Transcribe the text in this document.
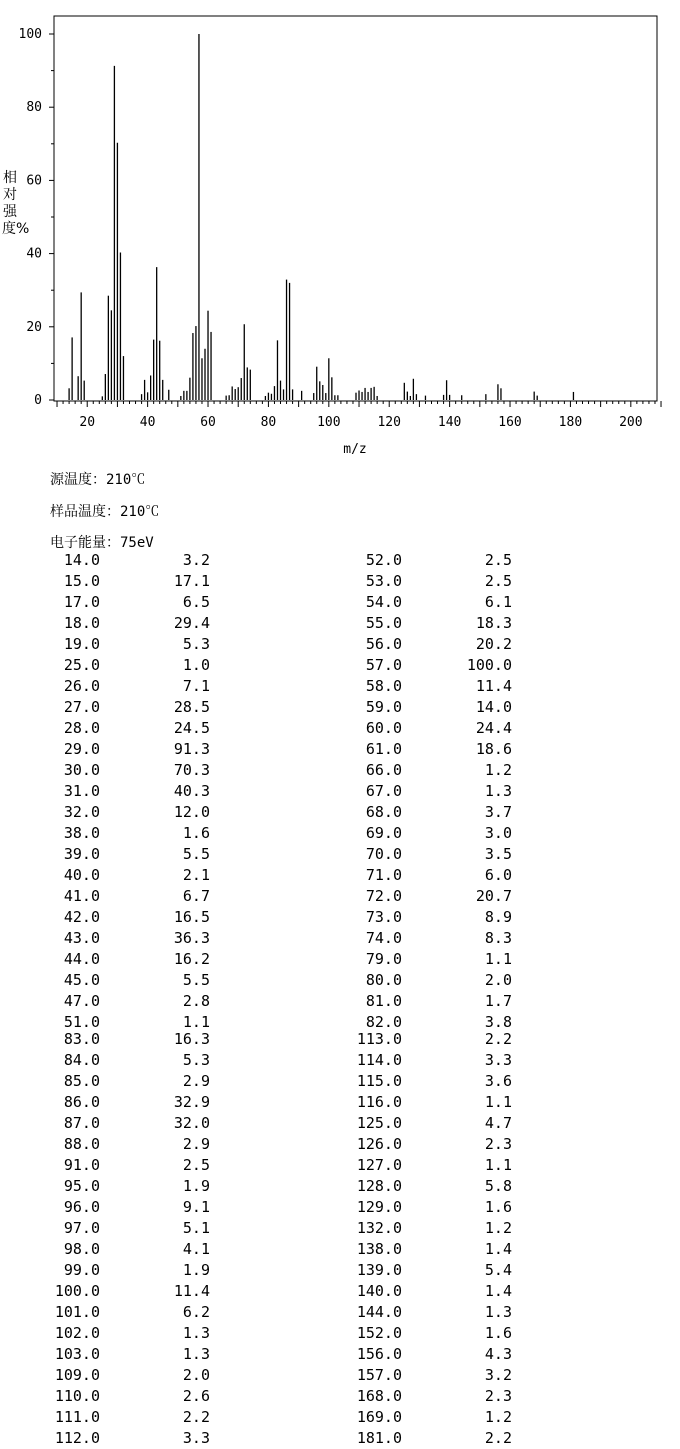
0
20
40
60
80
100
20	40	60	80	100	120	140	160	180	200
m/z
相对强度%
源温度：210℃
样品温度：210℃
电子能量：75eV
14.0	3.2	52.0	2.5
15.0	17.1	53.0	2.5
17.0	6.5	54.0	6.1
18.0	29.4	55.0	18.3
19.0	5.3	56.0	20.2
25.0	1.0	57.0	100.0
26.0	7.1	58.0	11.4
27.0	28.5	59.0	14.0
28.0	24.5	60.0	24.4
29.0	91.3	61.0	18.6
30.0	70.3	66.0	1.2
31.0	40.3	67.0	1.3
32.0	12.0	68.0	3.7
38.0	1.6	69.0	3.0
39.0	5.5	70.0	3.5
40.0	2.1	71.0	6.0
41.0	6.7	72.0	20.7
42.0	16.5	73.0	8.9
43.0	36.3	74.0	8.3
44.0	16.2	79.0	1.1
45.0	5.5	80.0	2.0
47.0	2.8	81.0	1.7
51.0	1.1	82.0	3.8
83.0	16.3	113.0	2.2
84.0	5.3	114.0	3.3
85.0	2.9	115.0	3.6
86.0	32.9	116.0	1.1
87.0	32.0	125.0	4.7
88.0	2.9	126.0	2.3
91.0	2.5	127.0	1.1
95.0	1.9	128.0	5.8
96.0	9.1	129.0	1.6
97.0	5.1	132.0	1.2
98.0	4.1	138.0	1.4
99.0	1.9	139.0	5.4
100.0	11.4	140.0	1.4
101.0	6.2	144.0	1.3
102.0	1.3	152.0	1.6
103.0	1.3	156.0	4.3
109.0	2.0	157.0	3.2
110.0	2.6	168.0	2.3
111.0	2.2	169.0	1.2
112.0	3.3	181.0	2.2
